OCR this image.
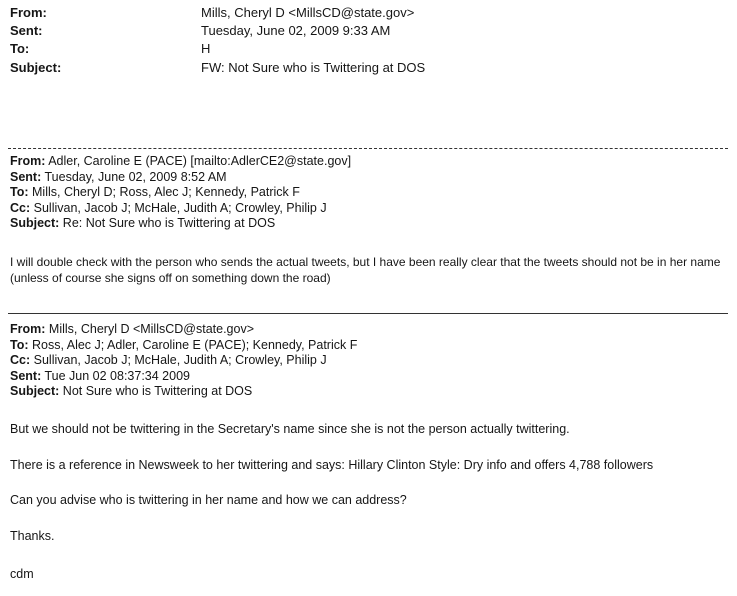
From:	Mills, Cheryl D <MillsCD@state.gov>
Sent:	Tuesday, June 02, 2009 9:33 AM
To:	H
Subject:	FW: Not Sure who is Twittering at DOS
From: Adler, Caroline E (PACE) [mailto:AdlerCE2@state.gov]
Sent: Tuesday, June 02, 2009 8:52 AM
To: Mills, Cheryl D; Ross, Alec J; Kennedy, Patrick F
Cc: Sullivan, Jacob J; McHale, Judith A; Crowley, Philip J
Subject: Re: Not Sure who is Twittering at DOS
I will double check with the person who sends the actual tweets, but I have been really clear that the tweets should not be in her name (unless of course she signs off on something down the road)
From: Mills, Cheryl D <MillsCD@state.gov>
To: Ross, Alec J; Adler, Caroline E (PACE); Kennedy, Patrick F
Cc: Sullivan, Jacob J; McHale, Judith A; Crowley, Philip J
Sent: Tue Jun 02 08:37:34 2009
Subject: Not Sure who is Twittering at DOS
But we should not be twittering in the Secretary's name since she is not the person actually twittering.
There is a reference in Newsweek to her twittering and says: Hillary Clinton Style: Dry info and offers 4,788 followers
Can you advise who is twittering in her name and how we can address?
Thanks.
cdm
